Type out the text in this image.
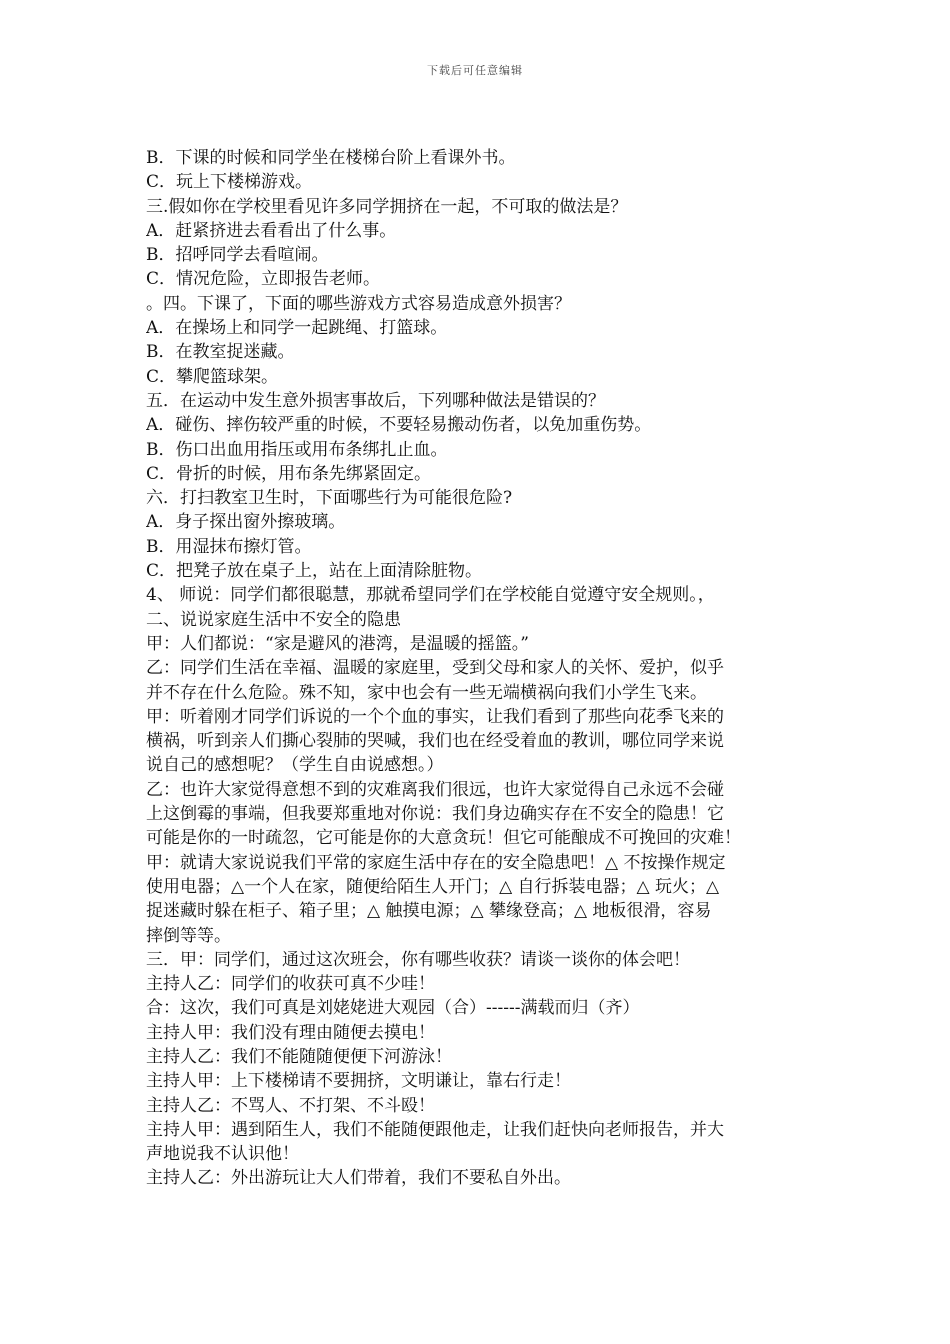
下载后可任意编辑
B．下课的时候和同学坐在楼梯台阶上看课外书。
C．玩上下楼梯游戏。
三.假如你在学校里看见许多同学拥挤在一起，不可取的做法是？
A．赶紧挤进去看看出了什么事。
B．招呼同学去看喧闹。
C．情况危险，立即报告老师。
。四。下课了，下面的哪些游戏方式容易造成意外损害？
A．在操场上和同学一起跳绳、打篮球。
B．在教室捉迷藏。
C．攀爬篮球架。
五．在运动中发生意外损害事故后，下列哪种做法是错误的？
A．碰伤、摔伤较严重的时候，不要轻易搬动伤者，以免加重伤势。
B．伤口出血用指压或用布条绑扎止血。
C．骨折的时候，用布条先绑紧固定。
六．打扫教室卫生时，下面哪些行为可能很危险?
A．身子探出窗外擦玻璃。
B．用湿抹布擦灯管。
C．把凳子放在桌子上，站在上面清除脏物。
4、 师说：同学们都很聪慧，那就希望同学们在学校能自觉遵守安全规则。，
二、说说家庭生活中不安全的隐患
甲：人们都说：“家是避风的港湾，是温暖的摇篮。”
乙：同学们生活在幸福、温暖的家庭里，受到父母和家人的关怀、爱护，似乎
并不存在什么危险。殊不知，家中也会有一些无端横祸向我们小学生飞来。
甲：听着刚才同学们诉说的一个个血的事实，让我们看到了那些向花季飞来的
横祸，听到亲人们撕心裂肺的哭喊，我们也在经受着血的教训，哪位同学来说
说自己的感想呢？（学生自由说感想。）
乙：也许大家觉得意想不到的灾难离我们很远，也许大家觉得自己永远不会碰
上这倒霉的事端，但我要郑重地对你说：我们身边确实存在不安全的隐患！它
可能是你的一时疏忽，它可能是你的大意贪玩！但它可能酿成不可挽回的灾难！
甲：就请大家说说我们平常的家庭生活中存在的安全隐患吧！△ 不按操作规定
使用电器；△一个人在家，随便给陌生人开门；△ 自行拆装电器；△ 玩火；△
捉迷藏时躲在柜子、箱子里；△ 触摸电源；△ 攀缘登高；△ 地板很滑，容易
摔倒等等。
三．甲：同学们，通过这次班会，你有哪些收获？请谈一谈你的体会吧！
主持人乙：同学们的收获可真不少哇！
合：这次，我们可真是刘姥姥进大观园（合）------满载而归（齐）
主持人甲：我们没有理由随便去摸电！
主持人乙：我们不能随随便便下河游泳！
主持人甲：上下楼梯请不要拥挤，文明谦让，靠右行走！
主持人乙：不骂人、不打架、不斗殴！
主持人甲：遇到陌生人，我们不能随便跟他走，让我们赶快向老师报告，并大
声地说我不认识他！
主持人乙：外出游玩让大人们带着，我们不要私自外出。
